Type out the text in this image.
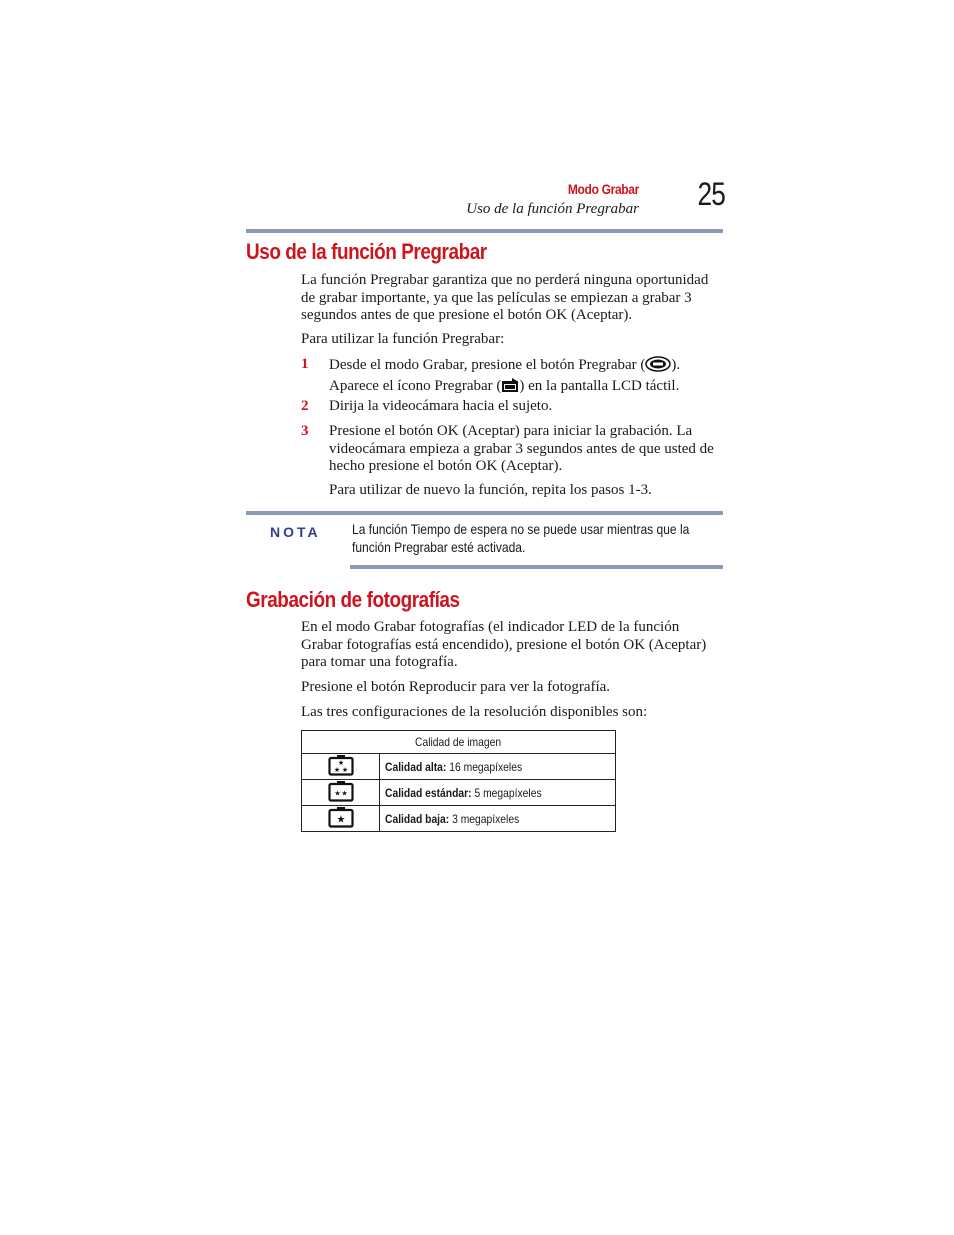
Modo Grabar
Uso de la función Pregrabar 25
Uso de la función Pregrabar
La función Pregrabar garantiza que no perderá ninguna oportunidad de grabar importante, ya que las películas se empiezan a grabar 3 segundos antes de que presione el botón OK (Aceptar).
Para utilizar la función Pregrabar:
1 Desde el modo Grabar, presione el botón Pregrabar ( ).
Aparece el ícono Pregrabar ( ) en la pantalla LCD táctil.
2 Dirija la videocámara hacia el sujeto.
3 Presione el botón OK (Aceptar) para iniciar la grabación. La videocámara empieza a grabar 3 segundos antes de que usted de hecho presione el botón OK (Aceptar).
Para utilizar de nuevo la función, repita los pasos 1-3.
NOTA La función Tiempo de espera no se puede usar mientras que la función Pregrabar esté activada.
Grabación de fotografías
En el modo Grabar fotografías (el indicador LED de la función Grabar fotografías está encendido), presione el botón OK (Aceptar) para tomar una fotografía.
Presione el botón Reproducir para ver la fotografía.
Las tres configuraciones de la resolución disponibles son:
Calidad de imagen	

★
★ ★	Calidad alta: 16 megapíxeles

★ ★	Calidad estándar: 5 megapíxeles

★	Calidad baja: 3 megapíxeles
